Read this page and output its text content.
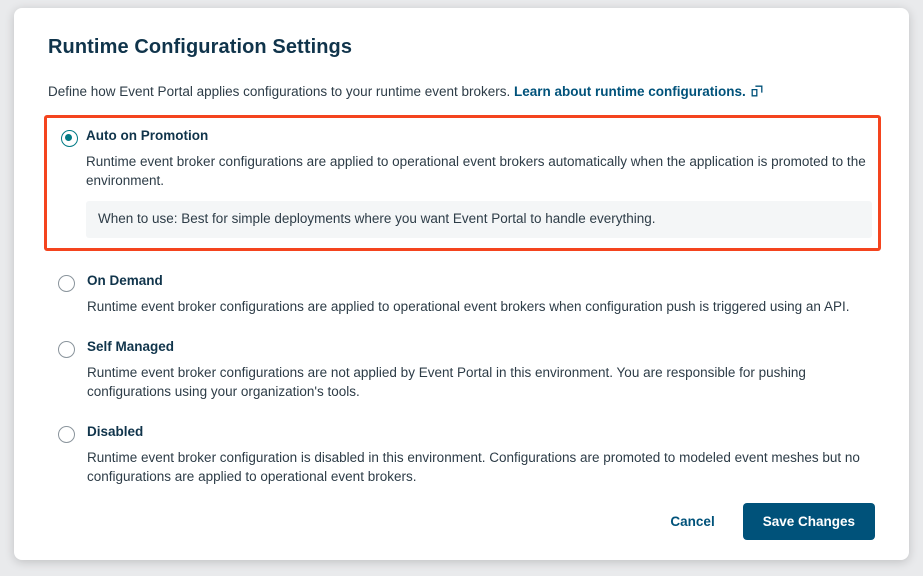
Runtime Configuration Settings
Define how Event Portal applies configurations to your runtime event brokers. Learn about runtime configurations.
Auto on Promotion
Runtime event broker configurations are applied to operational event brokers automatically when the application is promoted to the environment.
When to use: Best for simple deployments where you want Event Portal to handle everything.
On Demand
Runtime event broker configurations are applied to operational event brokers when configuration push is triggered using an API.
Self Managed
Runtime event broker configurations are not applied by Event Portal in this environment. You are responsible for pushing configurations using your organization's tools.
Disabled
Runtime event broker configuration is disabled in this environment. Configurations are promoted to modeled event meshes but no configurations are applied to operational event brokers.
Cancel	Save Changes
